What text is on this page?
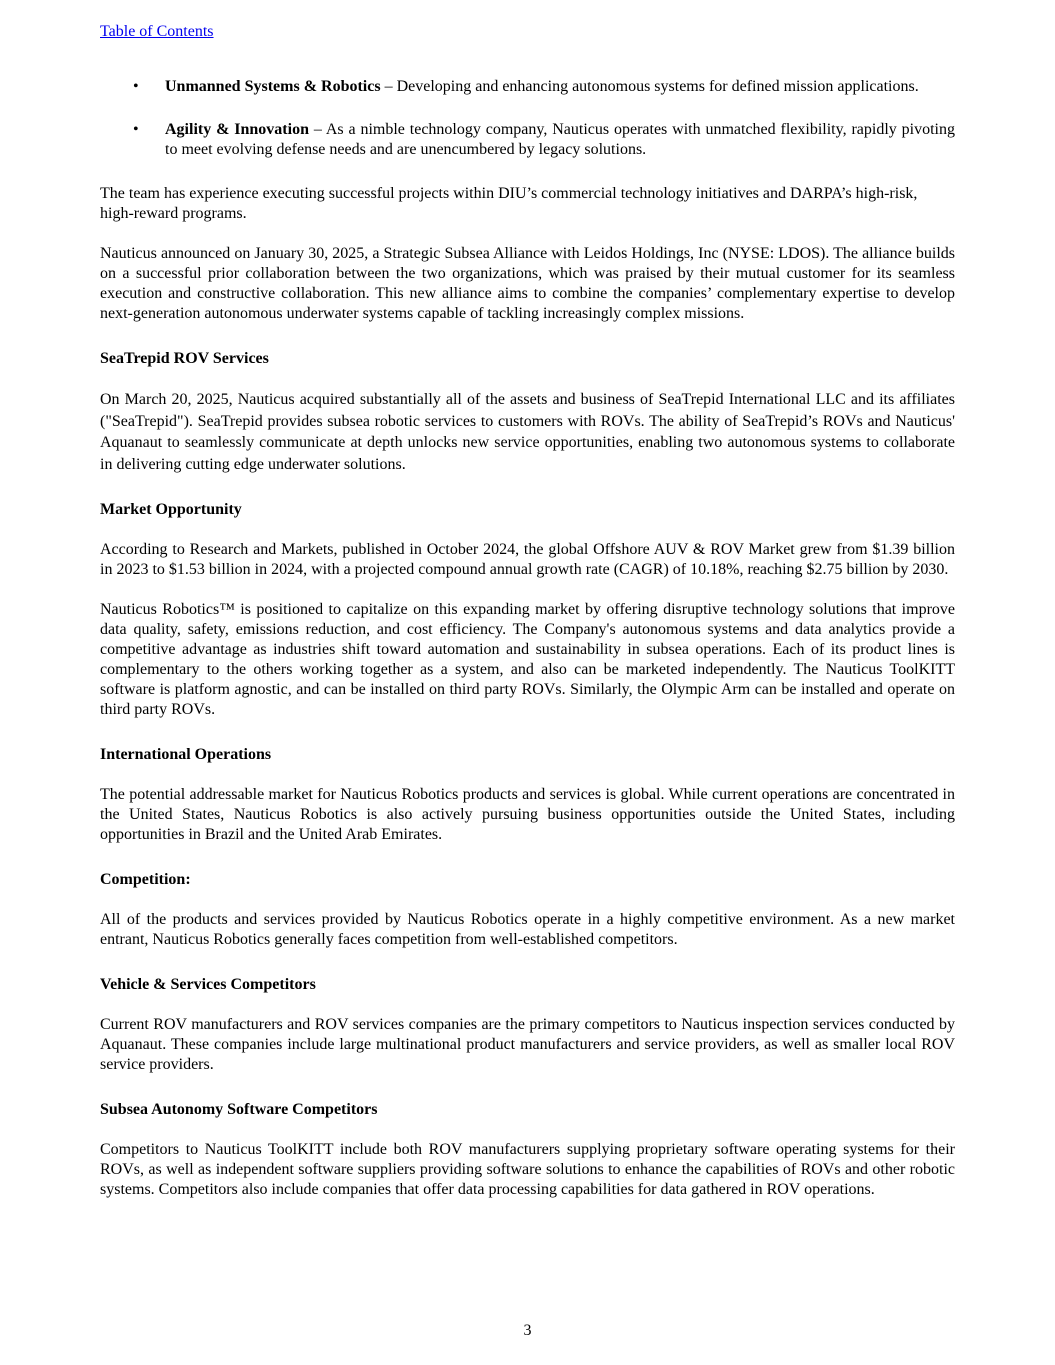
Table of Contents
•	Unmanned Systems & Robotics – Developing and enhancing autonomous systems for defined mission applications.
•	Agility & Innovation – As a nimble technology company, Nauticus operates with unmatched flexibility, rapidly pivoting to meet evolving defense needs and are unencumbered by legacy solutions.

The team has experience executing successful projects within DIU’s commercial technology initiatives and DARPA’s high-risk, high-reward programs.

Nauticus announced on January 30, 2025, a Strategic Subsea Alliance with Leidos Holdings, Inc (NYSE: LDOS). The alliance builds on a successful prior collaboration between the two organizations, which was praised by their mutual customer for its seamless execution and constructive collaboration. This new alliance aims to combine the companies’ complementary expertise to develop next-generation autonomous underwater systems capable of tackling increasingly complex missions.

SeaTrepid ROV Services

On March 20, 2025, Nauticus acquired substantially all of the assets and business of SeaTrepid International LLC and its affiliates ("SeaTrepid"). SeaTrepid provides subsea robotic services to customers with ROVs. The ability of SeaTrepid’s ROVs and Nauticus' Aquanaut to seamlessly communicate at depth unlocks new service opportunities, enabling two autonomous systems to collaborate in delivering cutting edge underwater solutions.

Market Opportunity

According to Research and Markets, published in October 2024, the global Offshore AUV & ROV Market grew from $1.39 billion in 2023 to $1.53 billion in 2024, with a projected compound annual growth rate (CAGR) of 10.18%, reaching $2.75 billion by 2030.

Nauticus Robotics™ is positioned to capitalize on this expanding market by offering disruptive technology solutions that improve data quality, safety, emissions reduction, and cost efficiency. The Company's autonomous systems and data analytics provide a competitive advantage as industries shift toward automation and sustainability in subsea operations. Each of its product lines is complementary to the others working together as a system, and also can be marketed independently. The Nauticus ToolKITT software is platform agnostic, and can be installed on third party ROVs. Similarly, the Olympic Arm can be installed and operate on third party ROVs.

International Operations

The potential addressable market for Nauticus Robotics products and services is global. While current operations are concentrated in the United States, Nauticus Robotics is also actively pursuing business opportunities outside the United States, including opportunities in Brazil and the United Arab Emirates.

Competition:

All of the products and services provided by Nauticus Robotics operate in a highly competitive environment. As a new market entrant, Nauticus Robotics generally faces competition from well-established competitors.

Vehicle & Services Competitors

Current ROV manufacturers and ROV services companies are the primary competitors to Nauticus inspection services conducted by Aquanaut. These companies include large multinational product manufacturers and service providers, as well as smaller local ROV service providers.

Subsea Autonomy Software Competitors

Competitors to Nauticus ToolKITT include both ROV manufacturers supplying proprietary software operating systems for their ROVs, as well as independent software suppliers providing software solutions to enhance the capabilities of ROVs and other robotic systems. Competitors also include companies that offer data processing capabilities for data gathered in ROV operations.

3
